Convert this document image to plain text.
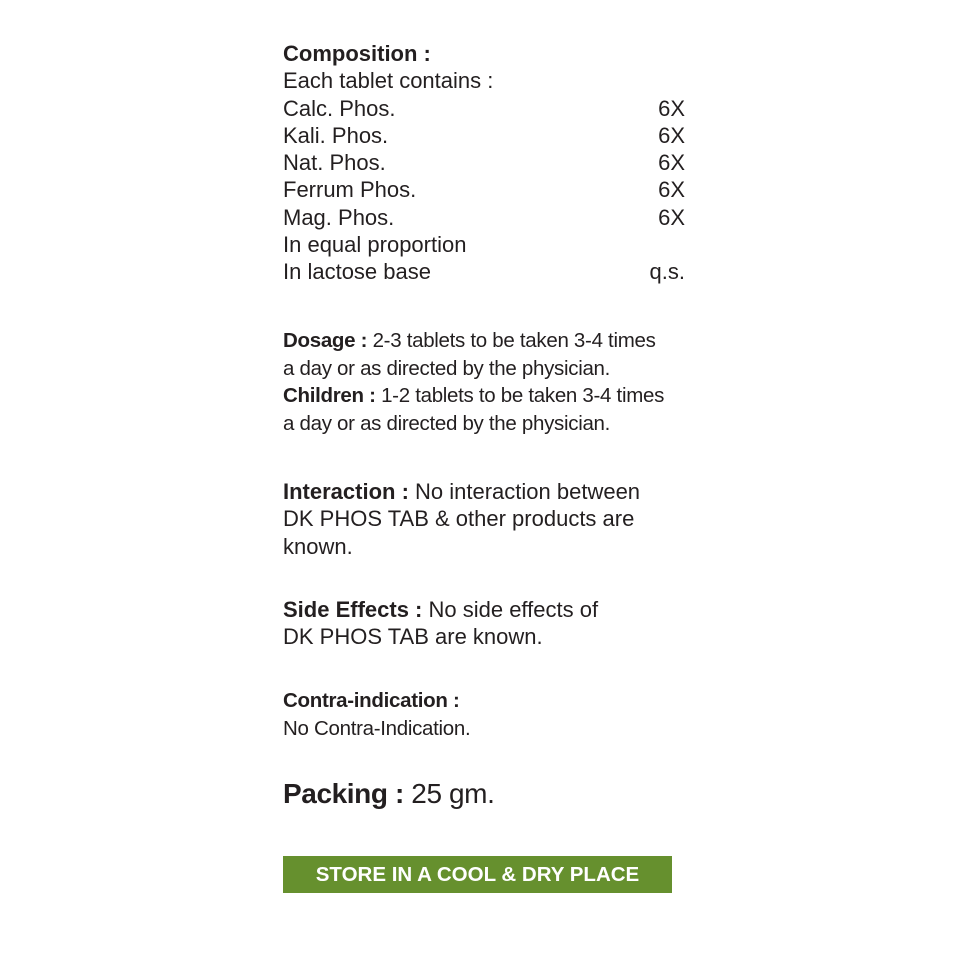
Composition :
Each tablet contains :
Calc. Phos.	6X
Kali. Phos.	6X
Nat. Phos.	6X
Ferrum Phos.	6X
Mag. Phos.	6X
In equal proportion
In lactose base	q.s.
Dosage : 2-3 tablets to be taken 3-4 times
a day or as directed by the physician.
Children : 1-2 tablets to be taken 3-4 times
a day or as directed by the physician.
Interaction : No interaction between
DK PHOS TAB & other products are
known.
Side Effects : No side effects of
DK PHOS TAB are known.
Contra-indication :
No Contra-Indication.
Packing : 25 gm.
STORE IN A COOL & DRY PLACE
